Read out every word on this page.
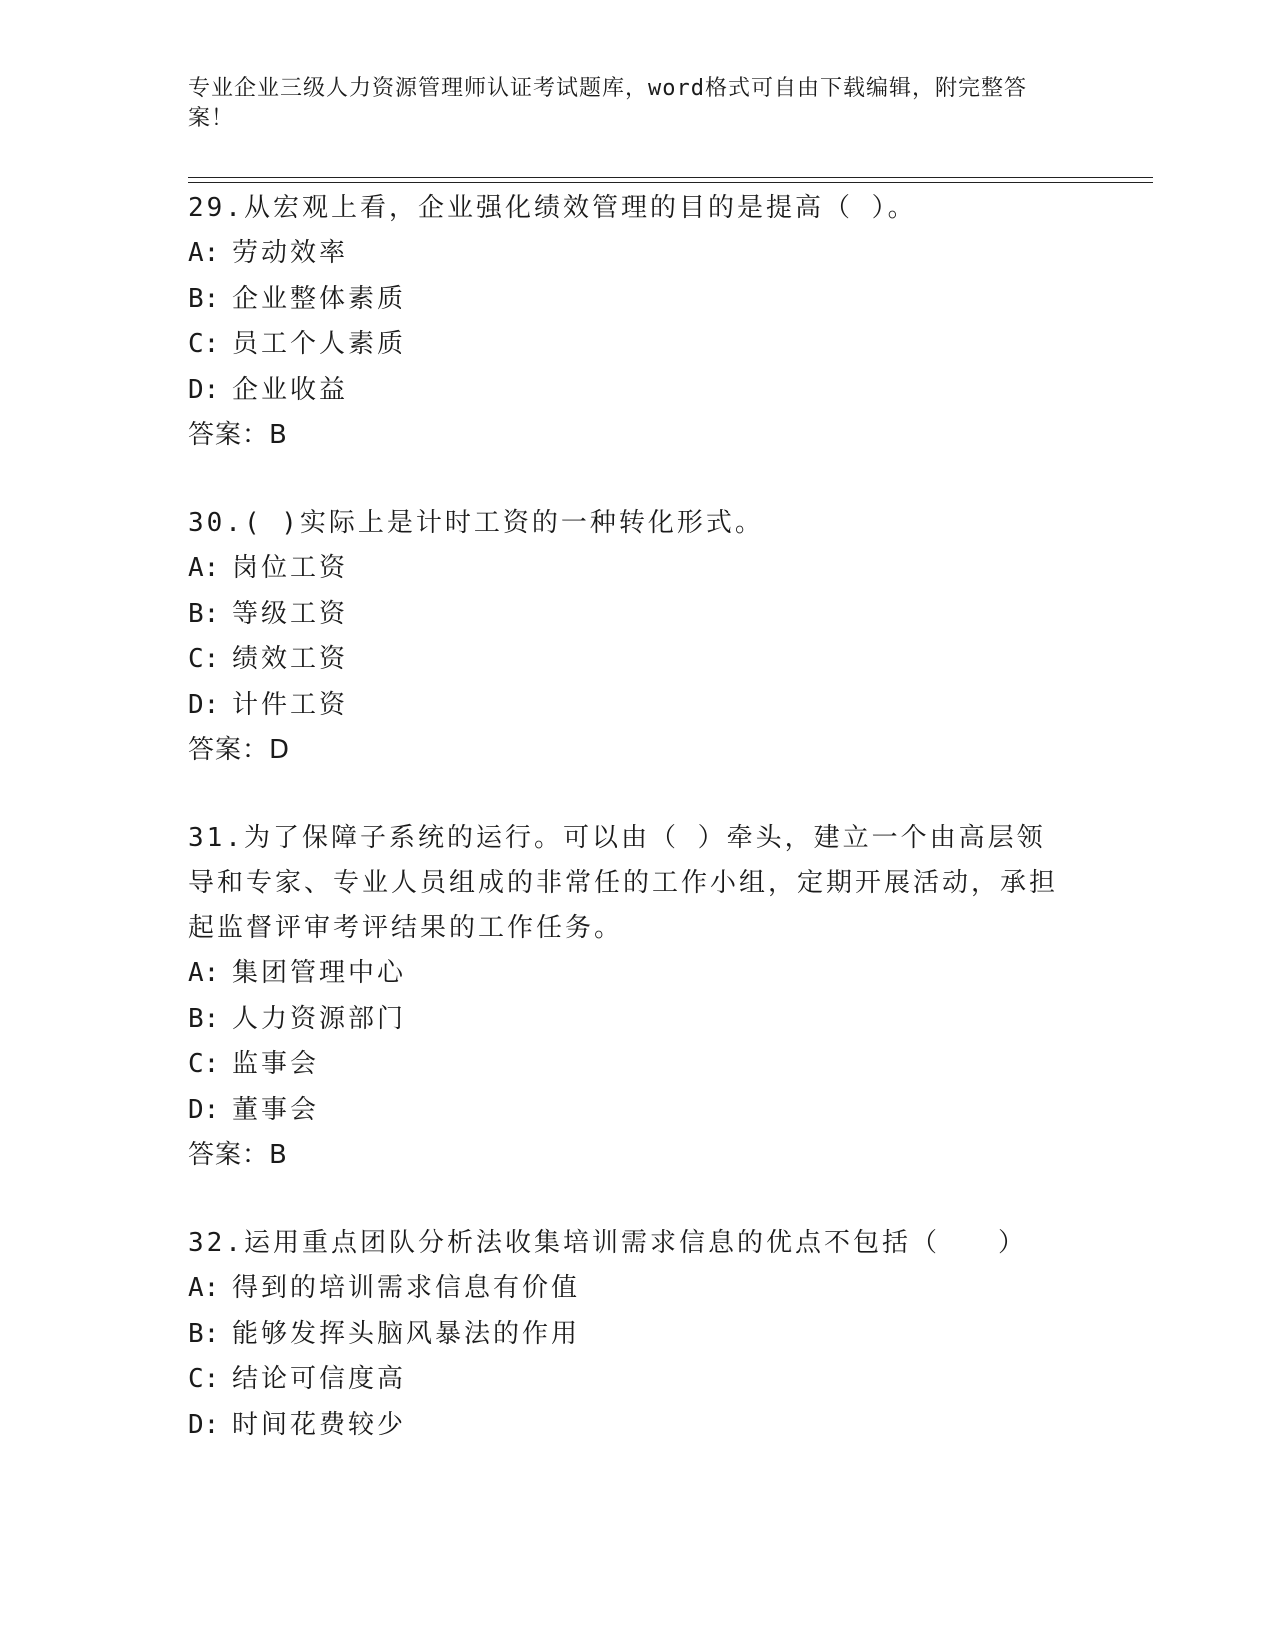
专业企业三级人力资源管理师认证考试题库，word格式可自由下载编辑，附完整答案！
29.从宏观上看，企业强化绩效管理的目的是提高（ ）。
A: 劳动效率
B: 企业整体素质
C: 员工个人素质
D: 企业收益
答案：B
30.( )实际上是计时工资的一种转化形式。
A: 岗位工资
B: 等级工资
C: 绩效工资
D: 计件工资
答案：D
31.为了保障子系统的运行。可以由（ ）牵头，建立一个由高层领导和专家、专业人员组成的非常任的工作小组，定期开展活动，承担起监督评审考评结果的工作任务。
A: 集团管理中心
B: 人力资源部门
C: 监事会
D: 董事会
答案：B
32.运用重点团队分析法收集培训需求信息的优点不包括（　　）
A: 得到的培训需求信息有价值
B: 能够发挥头脑风暴法的作用
C: 结论可信度高
D: 时间花费较少
